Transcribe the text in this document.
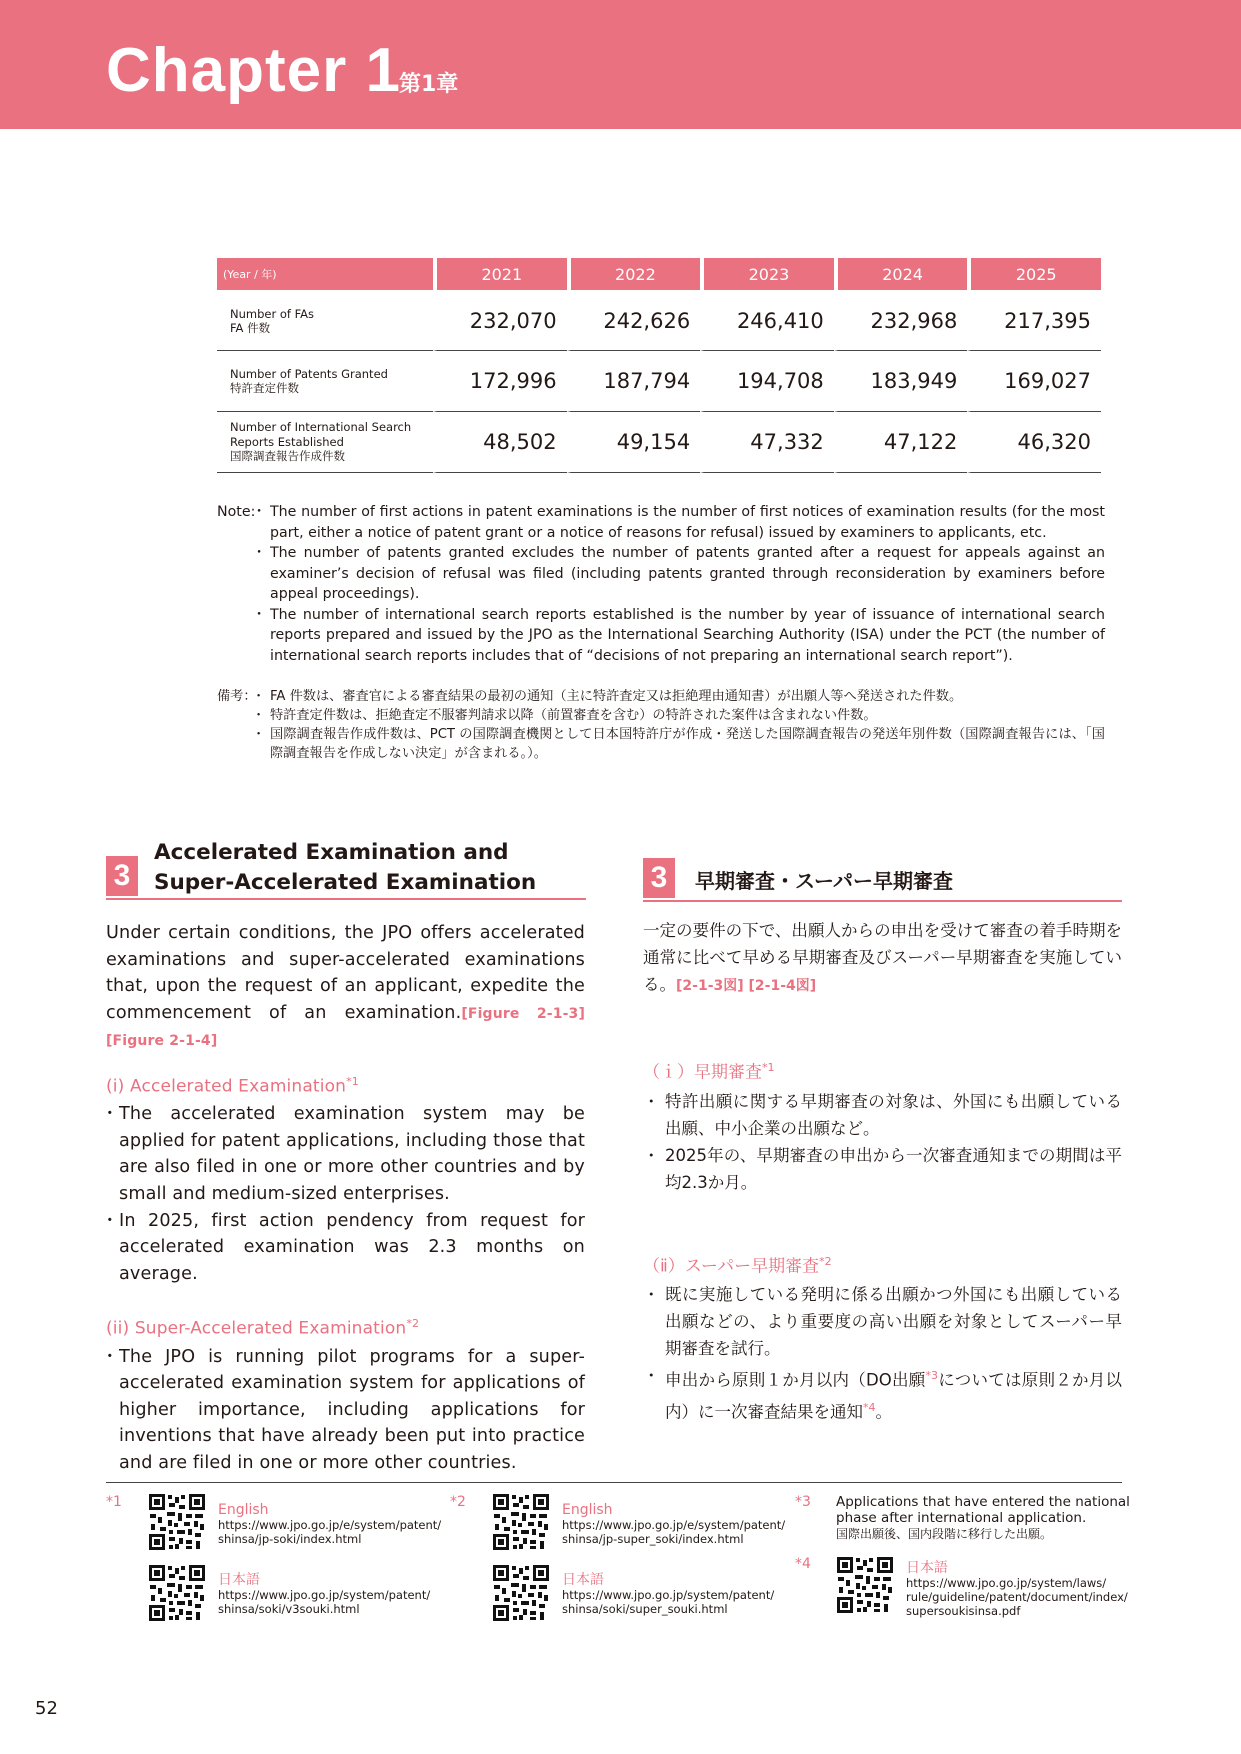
Chapter 1
第1章
(Year / 年)	2021	2022	2023	2024	2025

Number of FAs
FA 件数	232,070	242,626	246,410	232,968	217,395

Number of Patents Granted
特許査定件数	172,996	187,794	194,708	183,949	169,027

Number of International Search
Reports Established
国際調査報告作成件数	48,502	49,154	47,332	47,122	46,320
Note:	・ The number of first actions in patent examinations is the number of first notices of examination results (for the most part, either a notice of patent grant or a notice of reasons for refusal) issued by examiners to applicants, etc.
・ The number of patents granted excludes the number of patents granted after a request for appeals against an examiner’s decision of refusal was filed (including patents granted through reconsideration by examiners before appeal proceedings).
・ The number of international search reports established is the number by year of issuance of international search reports prepared and issued by the JPO as the International Searching Authority (ISA) under the PCT (the number of international search reports includes that of “decisions of not preparing an international search report”).
備考：	・ FA 件数は、審査官による審査結果の最初の通知（主に特許査定又は拒絶理由通知書）が出願人等へ発送された件数。
・ 特許査定件数は、拒絶査定不服審判請求以降（前置審査を含む）の特許された案件は含まれない件数。
・ 国際調査報告作成件数は、PCT の国際調査機関として日本国特許庁が作成・発送した国際調査報告の発送年別件数（国際調査報告には、「国際調査報告を作成しない決定」が含まれる。）。
3
Accelerated Examination and
Super-Accelerated Examination	3	早期審査・スーパー早期審査

Under certain conditions, the JPO offers accelerated examinations and super-accelerated examinations that, upon the request of an applicant, expedite the commencement of an examination.[Figure 2-1-3] [Figure 2-1-4]

(i) Accelerated Examination$^{*1}$
・ The accelerated examination system may be applied for patent applications, including those that are also filed in one or more other countries and by small and medium-sized enterprises.
・ In 2025, first action pendency from request for accelerated examination was 2.3 months on average.
(ii) Super-Accelerated Examination$^{*2}$
・ The JPO is running pilot programs for a super-accelerated examination system for applications of higher importance, including applications for inventions that have already been put into practice and are filed in one or more other countries.

一定の要件の下で、出願人からの申出を受けて審査の着手時期を通常に比べて早める早期審査及びスーパー早期審査を実施している。[2-1-3図] [2-1-4図]

（ｉ）早期審査$^{*1}$
・ 特許出願に関する早期審査の対象は、外国にも出願している出願、中小企業の出願など。
・ 2025年の、早期審査の申出から一次審査通知までの期間は平均2.3か月。
（ⅱ）スーパー早期審査$^{*2}$
・ 既に実施している発明に係る出願かつ外国にも出願している出願などの、より重要度の高い出願を対象としてスーパー早期審査を試行。
・ 申出から原則１か月以内（DO出願$^{*3}$については原則２か月以内）に一次審査結果を通知$^{*4}$。
*1	English
https://www.jpo.go.jp/e/system/patent/
shinsa/jp-soki/index.html
日本語
https://www.jpo.go.jp/system/patent/
shinsa/soki/v3souki.html
*2	English
https://www.jpo.go.jp/e/system/patent/
shinsa/jp-super_soki/index.html
日本語
https://www.jpo.go.jp/system/patent/
shinsa/soki/super_souki.html
*3 Applications that have entered the national
phase after international application.
国際出願後、国内段階に移行した出願。
*4	日本語
https://www.jpo.go.jp/system/laws/
rule/guideline/patent/document/index/
supersoukisinsa.pdf
52
